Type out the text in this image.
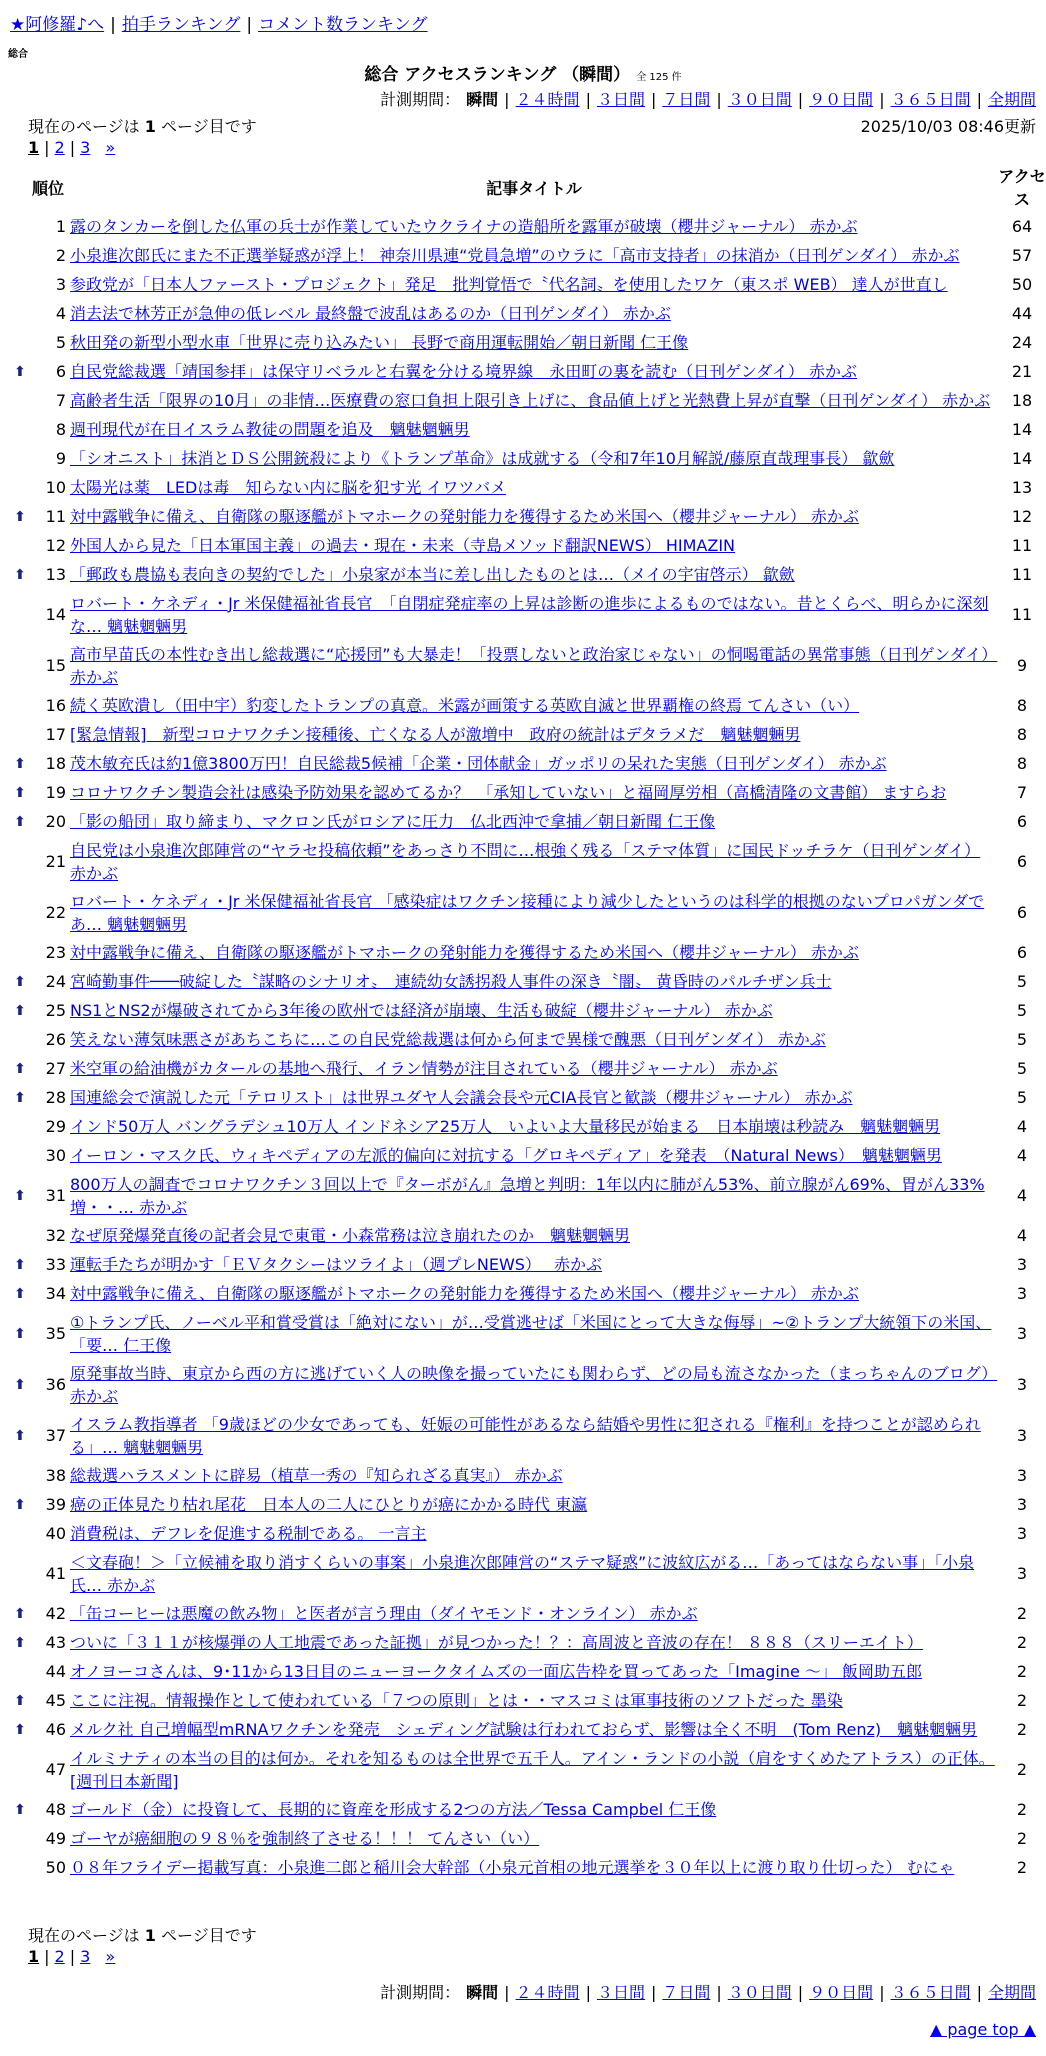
★阿修羅♪へ | 拍手ランキング | コメント数ランキング
総合
総合 アクセスランキング （瞬間） 全 125 件
計測期間： 瞬間 | ２４時間 | ３日間 | ７日間 | ３０日間 | ９０日間 | ３６５日間 | 全期間
現在のページは 1 ページ目です	2025/10/03 08:46更新
1 | 2 | 3 »
	順位	記事タイトル	アクセス
	1	露のタンカーを倒した仏軍の兵士が作業していたウクライナの造船所を露軍が破壊（櫻井ジャーナル） 赤かぶ	64
	2	小泉進次郎氏にまた不正選挙疑惑が浮上！ 神奈川県連“党員急増”のウラに「高市支持者」の抹消か（日刊ゲンダイ） 赤かぶ	57
	3	参政党が「日本人ファースト・プロジェクト」発足　批判覚悟で〝代名詞〟を使用したワケ（東スポ WEB） 達人が世直し	50
	4	消去法で林芳正が急伸の低レベル 最終盤で波乱はあるのか（日刊ゲンダイ） 赤かぶ	44
	5	秋田発の新型小型水車「世界に売り込みたい」 長野で商用運転開始／朝日新聞 仁王像	24
⬆	6	自民党総裁選「靖国参拝」は保守リベラルと右翼を分ける境界線　永田町の裏を読む（日刊ゲンダイ） 赤かぶ	21
	7	高齢者生活「限界の10月」の非情…医療費の窓口負担上限引き上げに、食品値上げと光熱費上昇が直撃（日刊ゲンダイ） 赤かぶ	18
	8	週刊現代が在日イスラム教徒の問題を追及　魑魅魍魎男	14
	9	「シオニスト」抹消とＤＳ公開銃殺により《トランプ革命》は成就する（令和7年10月解説/藤原直哉理事長） 歙歛	14
	10	太陽光は薬　LEDは毒　知らない内に脳を犯す光 イワツバメ	13
⬆	11	対中露戦争に備え、自衛隊の駆逐艦がトマホークの発射能力を獲得するため米国へ（櫻井ジャーナル） 赤かぶ	12
	12	外国人から見た「日本軍国主義」の過去・現在・未来（寺島メソッド翻訳NEWS） HIMAZIN	11
⬆	13	「郵政も農協も表向きの契約でした」小泉家が本当に差し出したものとは…（メイの宇宙啓示） 歙歛	11
	14	ロバート・ケネディ・Jr 米保健福祉省長官　「自閉症発症率の上昇は診断の進歩によるものではない。昔とくらべ、明らかに深刻な… 魑魅魍魎男	11
	15	高市早苗氏の本性むき出し総裁選に“応援団”も大暴走！「投票しないと政治家じゃない」の恫喝電話の異常事態（日刊ゲンダイ） 赤かぶ	9
	16	続く英欧潰し（田中宇）豹変したトランプの真意。米露が画策する英欧自滅と世界覇権の終焉 てんさい（い）	8
	17	[緊急情報]　新型コロナワクチン接種後、亡くなる人が激増中　政府の統計はデタラメだ　魑魅魍魎男	8
⬆	18	茂木敏充氏は約1億3800万円！自民総裁5候補「企業・団体献金」ガッポリの呆れた実態（日刊ゲンダイ） 赤かぶ	8
⬆	19	コロナワクチン製造会社は感染予防効果を認めてるか？　「承知していない」と福岡厚労相（高橋清隆の文書館） ますらお	7
⬆	20	「影の船団」取り締まり、マクロン氏がロシアに圧力　仏北西沖で拿捕／朝日新聞 仁王像	6
	21	自民党は小泉進次郎陣営の“ヤラセ投稿依頼”をあっさり不問に…根強く残る「ステマ体質」に国民ドッチラケ（日刊ゲンダイ） 赤かぶ	6
	22	ロバート・ケネディ・Jr 米保健福祉省長官 「感染症はワクチン接種により減少したというのは科学的根拠のないプロパガンダであ… 魑魅魍魎男	6
	23	対中露戦争に備え、自衛隊の駆逐艦がトマホークの発射能力を獲得するため米国へ（櫻井ジャーナル） 赤かぶ	6
⬆	24	宮崎勤事件───破綻した〝謀略のシナリオ〟　連続幼女誘拐殺人事件の深き〝闇〟 黄昏時のパルチザン兵士	5
⬆	25	NS1とNS2が爆破されてから3年後の欧州では経済が崩壊、生活も破綻（櫻井ジャーナル） 赤かぶ	5
	26	笑えない薄気味悪さがあちこちに…この自民党総裁選は何から何まで異様で醜悪（日刊ゲンダイ） 赤かぶ	5
⬆	27	米空軍の給油機がカタールの基地へ飛行、イラン情勢が注目されている（櫻井ジャーナル） 赤かぶ	5
⬆	28	国連総会で演説した元「テロリスト」は世界ユダヤ人会議会長や元CIA長官と歓談（櫻井ジャーナル） 赤かぶ	5
	29	インド50万人 バングラデシュ10万人 インドネシア25万人　いよいよ大量移民が始まる　日本崩壊は秒読み　魑魅魍魎男	4
	30	イーロン・マスク氏、ウィキペディアの左派的偏向に対抗する「グロキペディア」を発表　（Natural News）　魑魅魍魎男	4
⬆	31	800万人の調査でコロナワクチン３回以上で『ターボがん』急増と判明：1年以内に肺がん53%、前立腺がん69%、胃がん33%増・・… 赤かぶ	4
	32	なぜ原発爆発直後の記者会見で東電・小森常務は泣き崩れたのか　魑魅魍魎男	4
⬆	33	運転手たちが明かす「ＥＶタクシーはツライよ」（週プレNEWS）　 赤かぶ	3
⬆	34	対中露戦争に備え、自衛隊の駆逐艦がトマホークの発射能力を獲得するため米国へ（櫻井ジャーナル） 赤かぶ	3
⬆	35	①トランプ氏、ノーベル平和賞受賞は「絶対にない」が…受賞逃せば「米国にとって大きな侮辱」~②トランプ大統領下の米国、「要… 仁王像	3
⬆	36	原発事故当時、東京から西の方に逃げていく人の映像を撮っていたにも関わらず、どの局も流さなかった（まっちゃんのブログ） 赤かぶ	3
⬆	37	イスラム教指導者 「9歳ほどの少女であっても、妊娠の可能性があるなら結婚や男性に犯される『権利』を持つことが認められる」… 魑魅魍魎男	3
	38	総裁選ハラスメントに辟易（植草一秀の『知られざる真実』） 赤かぶ	3
⬆	39	癌の正体見たり枯れ尾花　日本人の二人にひとりが癌にかかる時代 東瀛	3
	40	消費税は、デフレを促進する税制である。 一言主	3
	41	＜文春砲！＞「立候補を取り消すくらいの事案」小泉進次郎陣営の“ステマ疑惑”に波紋広がる…「あってはならない事」「小泉氏… 赤かぶ	3
⬆	42	「缶コーヒーは悪魔の飲み物」と医者が言う理由（ダイヤモンド・オンライン） 赤かぶ	2
⬆	43	ついに「３１１が核爆弾の人工地震であった証拠」が見つかった！？：高周波と音波の存在！ ８８８（スリーエイト）	2
	44	オノヨーコさんは、9･11から13日目のニューヨークタイムズの一面広告枠を買ってあった「Imagine ～」 飯岡助五郎	2
⬆	45	ここに注視。情報操作として使われている「７つの原則」とは・・マスコミは軍事技術のソフトだった 墨染	2
⬆	46	メルク社 自己増幅型mRNAワクチンを発売　シェディング試験は行われておらず、影響は全く不明　(Tom Renz)　魑魅魍魎男	2
	47	イルミナティの本当の目的は何か。それを知るものは全世界で五千人。アイン・ランドの小説（肩をすくめたアトラス）の正体。[週刊日本新聞]	2
⬆	48	ゴールド（金）に投資して、長期的に資産を形成する2つの方法／Tessa Campbel 仁王像	2
	49	ゴーヤが癌細胞の９８％を強制終了させる！！！ てんさい（い）	2
	50	０８年フライデー掲載写真：小泉進二郎と稲川会大幹部（小泉元首相の地元選挙を３０年以上に渡り取り仕切った） むにゃ	2
現在のページは 1 ページ目です
1 | 2 | 3 »
計測期間： 瞬間 | ２４時間 | ３日間 | ７日間 | ３０日間 | ９０日間 | ３６５日間 | 全期間
▲ page top ▲
